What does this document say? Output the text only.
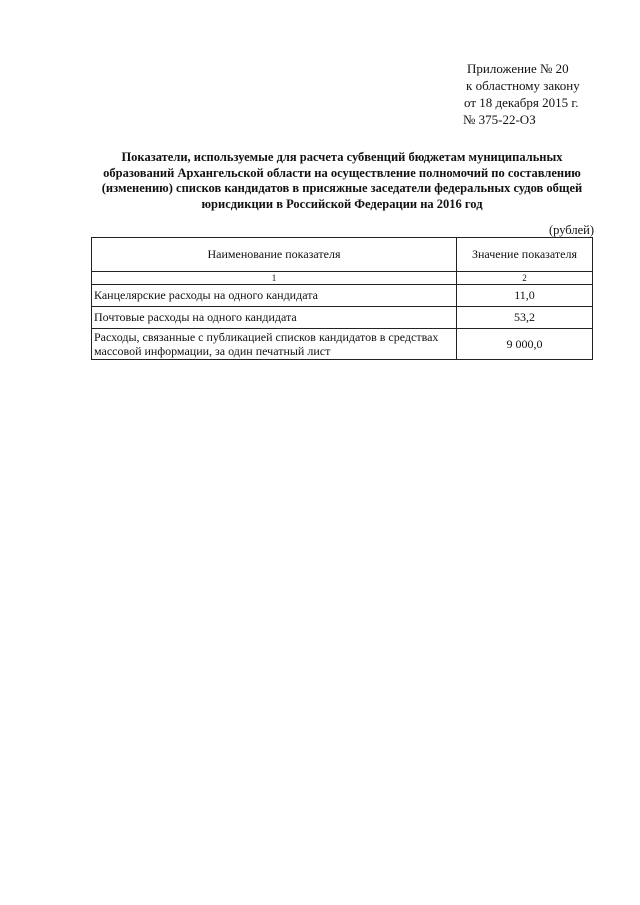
Приложение № 20
к областному закону
от 18 декабря 2015 г.
№ 375-22-ОЗ
Показатели, используемые для расчета субвенций бюджетам муниципальных образований Архангельской области на осуществление полномочий по составлению (изменению) списков кандидатов в присяжные заседатели федеральных судов общей юрисдикции в Российской Федерации на 2016 год
(рублей)
Наименование показателя	Значение показателя
1	2
Канцелярские расходы на одного кандидата	11,0
Почтовые расходы на одного кандидата	53,2
Расходы, связанные с публикацией списков кандидатов в средствах массовой информации, за один печатный лист	9 000,0
